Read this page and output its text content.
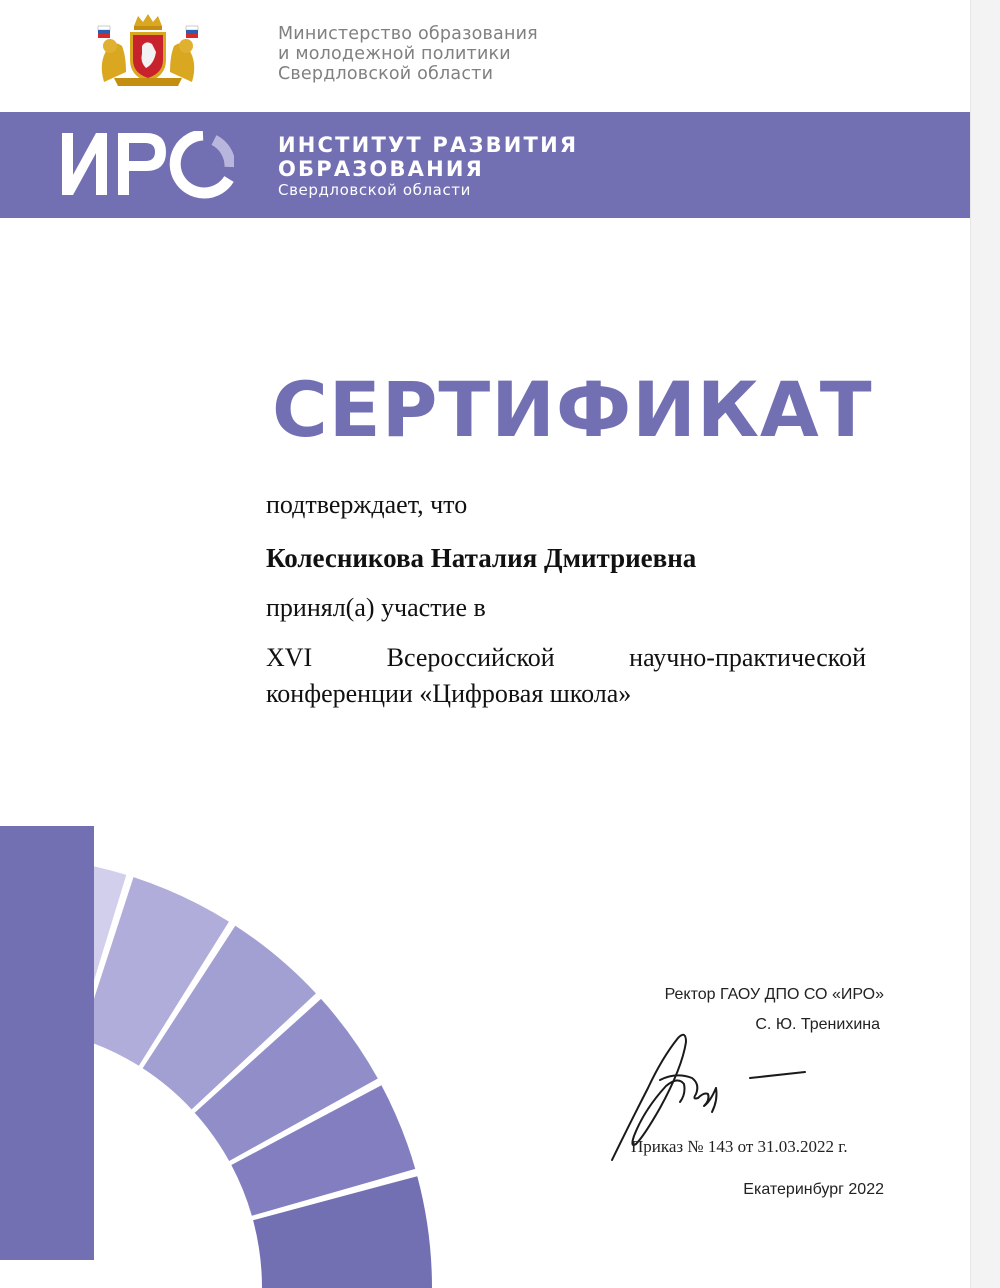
Министерство образования
и молодежной политики
Свердловской области
ИНСТИТУТ РАЗВИТИЯ
ОБРАЗОВАНИЯ
Свердловской области
СЕРТИФИКАТ
подтверждает, что
Колесникова Наталия Дмитриевна
принял(а) участие в
XVI	Всероссийской	научно-практической
конференции «Цифровая школа»
Ректор ГАОУ ДПО СО «ИРО»
С. Ю. Тренихина
Приказ № 143 от 31.03.2022 г.
Екатеринбург 2022
